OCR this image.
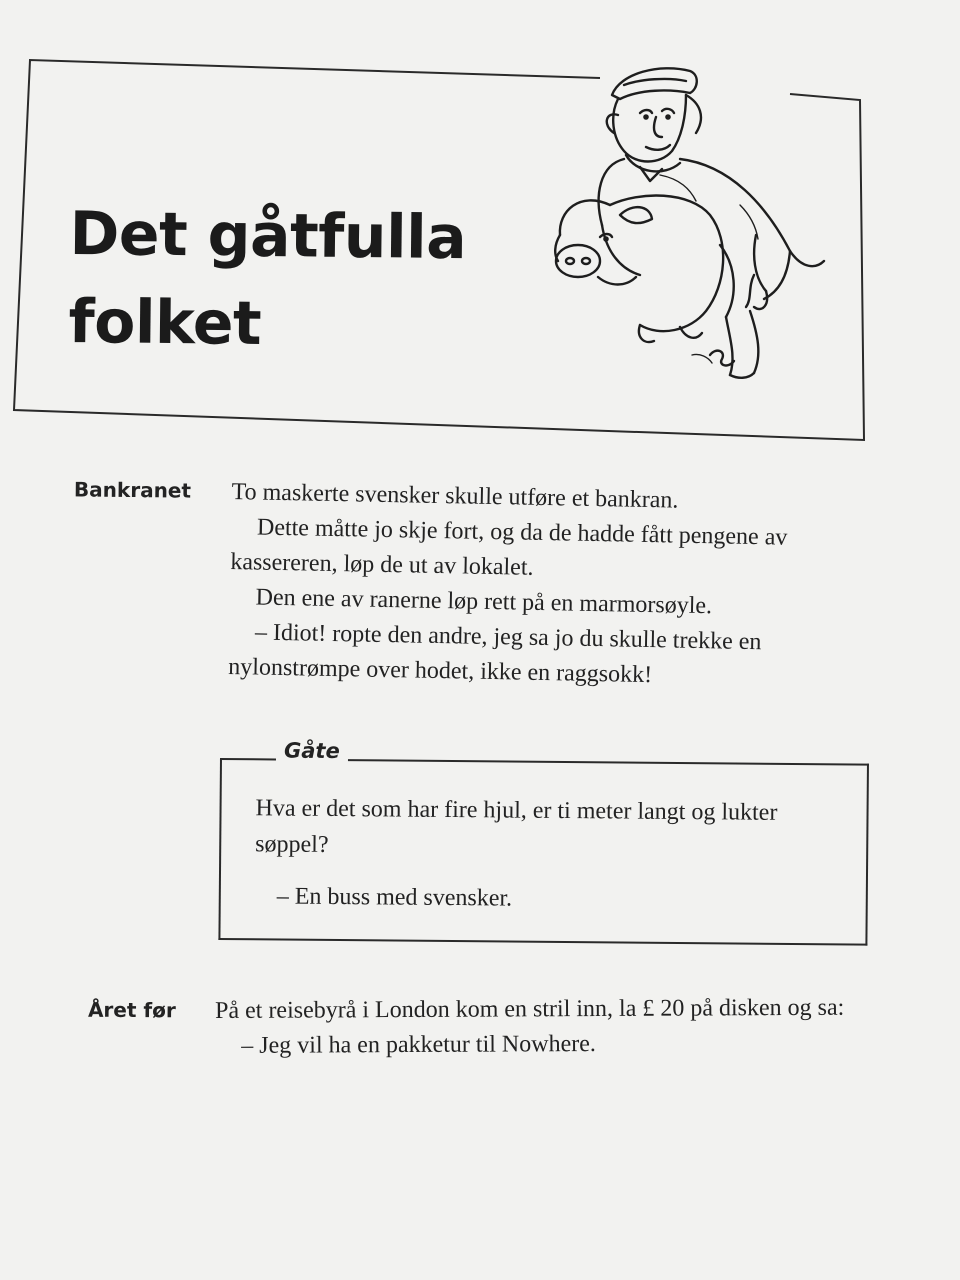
Det gåtfulla
folket
Bankranet To maskerte svensker skulle utføre et bankran.

Dette måtte jo skje fort, og da de hadde fått pengene av kassereren, løp de ut av lokalet.

Den ene av ranerne løp rett på en marmorsøyle.

– Idiot! ropte den andre, jeg sa jo du skulle trekke en nylonstrømpe over hodet, ikke en raggsokk!

Gåte

Hva er det som har fire hjul, er ti meter langt og lukter søppel?

– En buss med svensker.

Året før På et reisebyrå i London kom en stril inn, la £ 20 på disken og sa:

– Jeg vil ha en pakketur til Nowhere.
